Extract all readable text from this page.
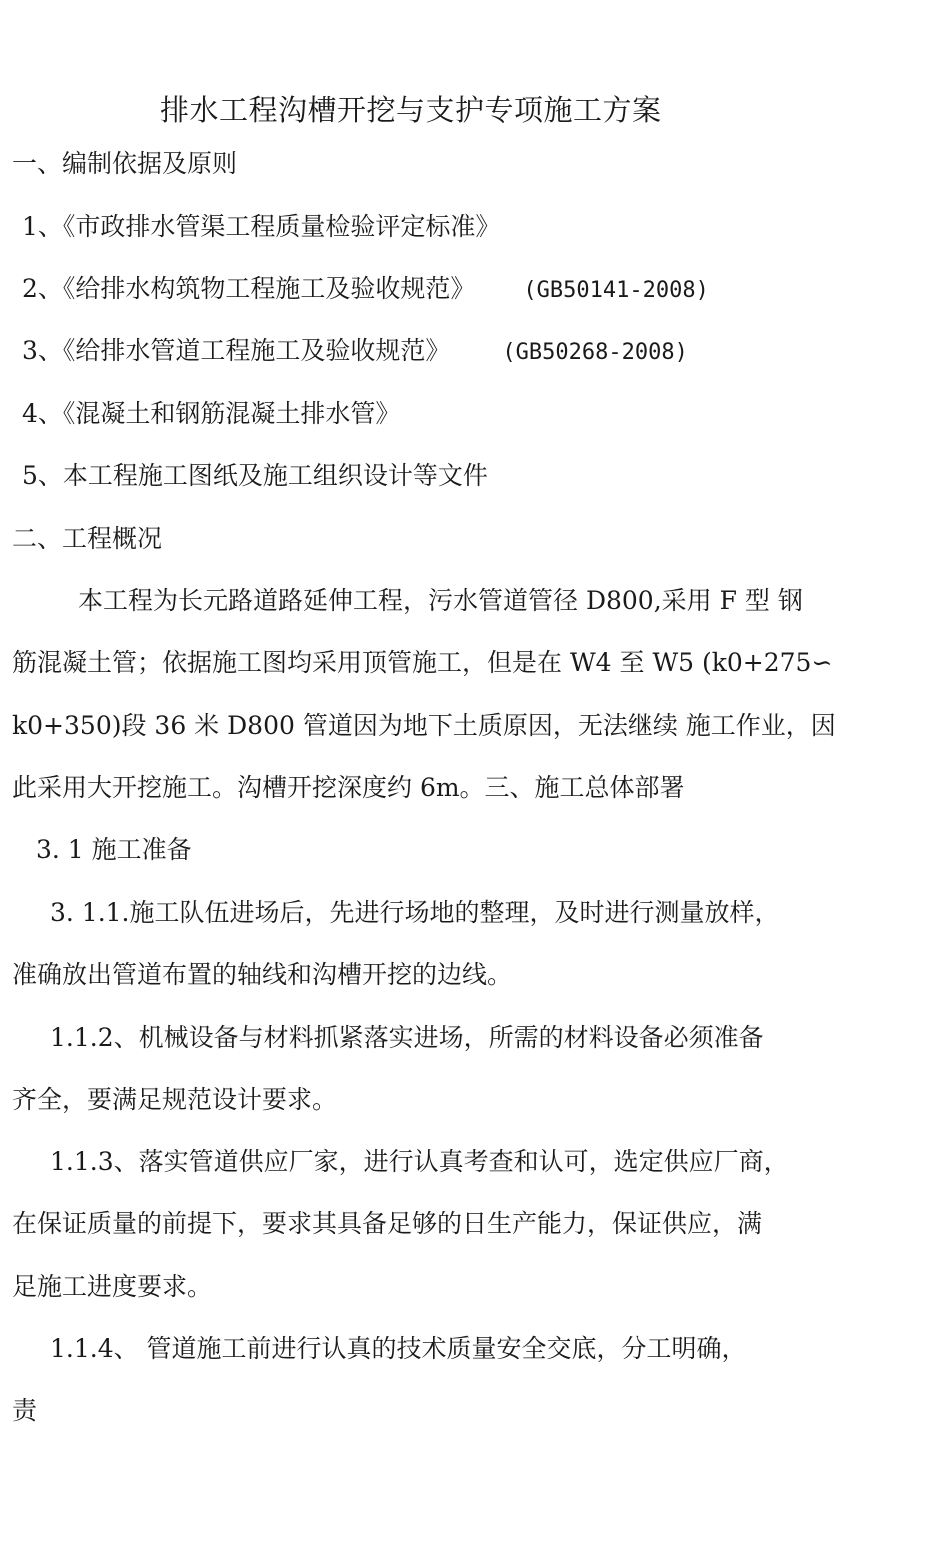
排水工程沟槽开挖与支护专项施工方案
一、编制依据及原则
1、《市政排水管渠工程质量检验评定标准》
2、《给排水构筑物工程施工及验收规范》 (GB50141-2008)
3、《给排水管道工程施工及验收规范》 (GB50268-2008)
4、《混凝土和钢筋混凝土排水管》
5、本工程施工图纸及施工组织设计等文件
二、工程概况
本工程为长元路道路延伸工程，污水管道管径 D800,采用 F 型 钢
筋混凝土管；依据施工图均采用顶管施工，但是在 W4 至 W5 (k0+275∽
k0+350)段 36 米 D800 管道因为地下土质原因，无法继续 施工作业，因
此采用大开挖施工。沟槽开挖深度约 6m。三、施工总体部署
3. 1 施工准备
3. 1.1.施工队伍进场后，先进行场地的整理，及时进行测量放样，
准确放出管道布置的轴线和沟槽开挖的边线。
1.1.2、机械设备与材料抓紧落实进场，所需的材料设备必须准备
齐全，要满足规范设计要求。
1.1.3、落实管道供应厂家，进行认真考查和认可，选定供应厂商，
在保证质量的前提下，要求其具备足够的日生产能力，保证供应，满
足施工进度要求。
1.1.4、 管道施工前进行认真的技术质量安全交底，分工明确，
责
